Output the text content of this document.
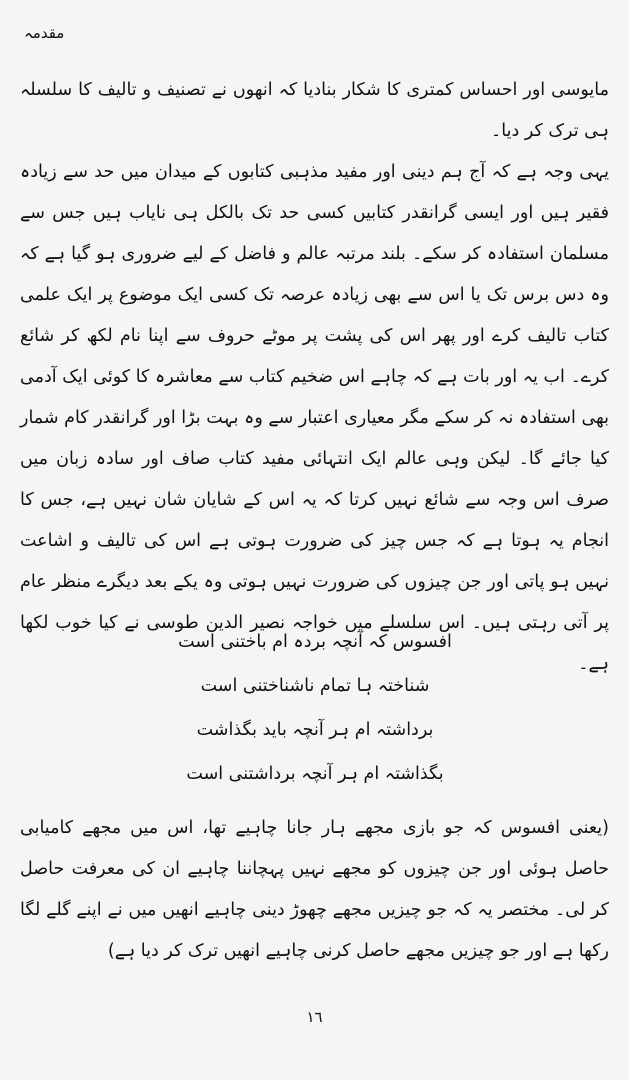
مقدمہ

مایوسی اور احساس کمتری کا شکار بنادیا کہ انھوں نے تصنیف و تالیف کا سلسلہ ہی ترک کر دیا۔

یہی وجہ ہے کہ آج ہم دینی اور مفید مذہبی کتابوں کے میدان میں حد سے زیادہ فقیر ہیں اور ایسی گرانقدر کتابیں کسی حد تک بالکل ہی نایاب ہیں جس سے مسلمان استفادہ کر سکے۔ بلند مرتبہ عالم و فاضل کے لیے ضروری ہو گیا ہے کہ وہ دس برس تک یا اس سے بھی زیادہ عرصہ تک کسی ایک موضوع پر ایک علمی کتاب تالیف کرے اور پھر اس کی پشت پر موٹے حروف سے اپنا نام لکھ کر شائع کرے۔ اب یہ اور بات ہے کہ چاہے اس ضخیم کتاب سے معاشرہ کا کوئی ایک آدمی بھی استفادہ نہ کر سکے مگر معیاری اعتبار سے وہ بہت بڑا اور گرانقدر کام شمار کیا جائے گا۔ لیکن وہی عالم ایک انتہائی مفید کتاب صاف اور سادہ زبان میں صرف اس وجہ سے شائع نہیں کرتا کہ یہ اس کے شایان شان نہیں ہے، جس کا انجام یہ ہوتا ہے کہ جس چیز کی ضرورت ہوتی ہے اس کی تالیف و اشاعت نہیں ہو پاتی اور جن چیزوں کی ضرورت نہیں ہوتی وہ یکے بعد دیگرے منظر عام پر آتی رہتی ہیں۔ اس سلسلے میں خواجہ نصیر الدین طوسی نے کیا خوب لکھا ہے۔

افسوس کہ آنچہ بردہ ام باختنی است
شناختہ ہا تمام ناشناختنی است
برداشتہ ام ہر آنچہ باید بگذاشت
بگذاشتہ ام ہر آنچہ برداشتنی است

(یعنی افسوس کہ جو بازی مجھے ہار جانا چاہیے تھا، اس میں مجھے کامیابی حاصل ہوئی اور جن چیزوں کو مجھے نہیں پہچاننا چاہیے ان کی معرفت حاصل کر لی۔ مختصر یہ کہ جو چیزیں مجھے چھوڑ دینی چاہیے انھیں میں نے اپنے گلے لگا رکھا ہے اور جو چیزیں مجھے حاصل کرنی چاہیے انھیں ترک کر دیا ہے)

١٦
